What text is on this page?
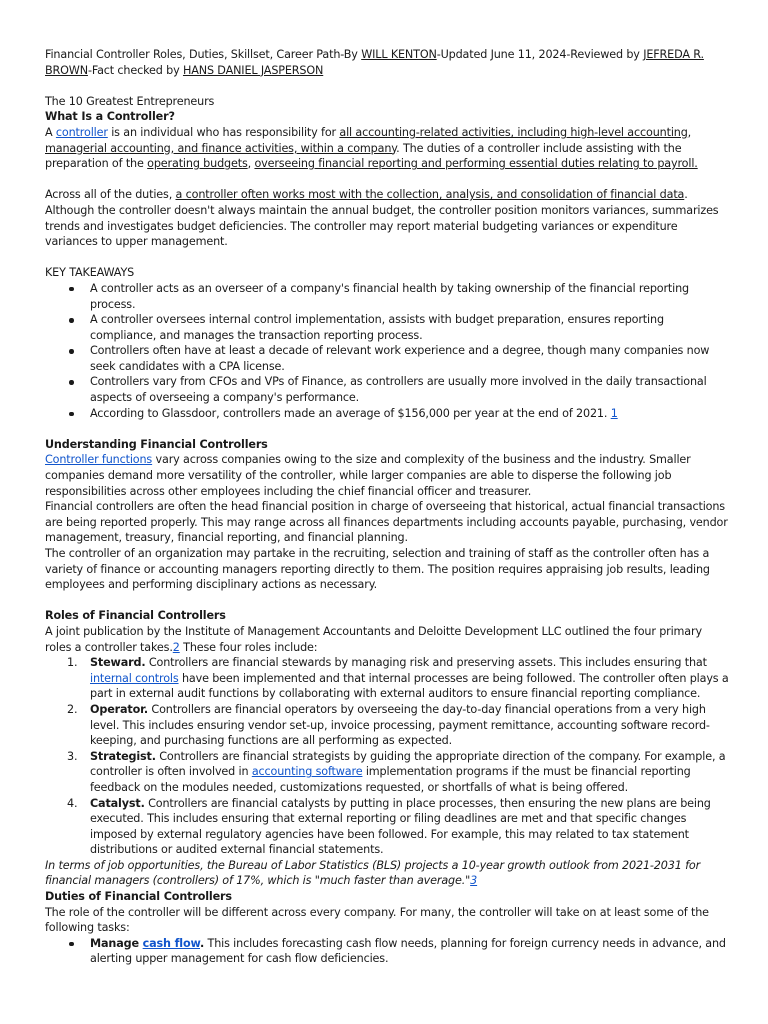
Financial Controller Roles, Duties, Skillset, Career Path-By WILL KENTON-Updated June 11, 2024-Reviewed by JEFREDA R. BROWN-Fact checked by HANS DANIEL JASPERSON

The 10 Greatest Entrepreneurs

What Is a Controller?

A controller is an individual who has responsibility for all accounting-related activities, including high-level accounting, managerial accounting, and finance activities, within a company. The duties of a controller include assisting with the preparation of the operating budgets, overseeing financial reporting and performing essential duties relating to payroll.

Across all of the duties, a controller often works most with the collection, analysis, and consolidation of financial data. Although the controller doesn't always maintain the annual budget, the controller position monitors variances, summarizes trends and investigates budget deficiencies. The controller may report material budgeting variances or expenditure variances to upper management.

KEY TAKEAWAYS

A controller acts as an overseer of a company's financial health by taking ownership of the financial reporting process.
A controller oversees internal control implementation, assists with budget preparation, ensures reporting compliance, and manages the transaction reporting process.
Controllers often have at least a decade of relevant work experience and a degree, though many companies now seek candidates with a CPA license.
Controllers vary from CFOs and VPs of Finance, as controllers are usually more involved in the daily transactional aspects of overseeing a company's performance.
According to Glassdoor, controllers made an average of $156,000 per year at the end of 2021. 1

Understanding Financial Controllers

Controller functions vary across companies owing to the size and complexity of the business and the industry. Smaller companies demand more versatility of the controller, while larger companies are able to disperse the following job responsibilities across other employees including the chief financial officer and treasurer.

Financial controllers are often the head financial position in charge of overseeing that historical, actual financial transactions are being reported properly. This may range across all finances departments including accounts payable, purchasing, vendor management, treasury, financial reporting, and financial planning.

The controller of an organization may partake in the recruiting, selection and training of staff as the controller often has a variety of finance or accounting managers reporting directly to them. The position requires appraising job results, leading employees and performing disciplinary actions as necessary.

Roles of Financial Controllers

A joint publication by the Institute of Management Accountants and Deloitte Development LLC outlined the four primary roles a controller takes.2 These four roles include:

1. Steward. Controllers are financial stewards by managing risk and preserving assets. This includes ensuring that internal controls have been implemented and that internal processes are being followed. The controller often plays a part in external audit functions by collaborating with external auditors to ensure financial reporting compliance.
2. Operator. Controllers are financial operators by overseeing the day-to-day financial operations from a very high level. This includes ensuring vendor set-up, invoice processing, payment remittance, accounting software record-keeping, and purchasing functions are all performing as expected.
3. Strategist. Controllers are financial strategists by guiding the appropriate direction of the company. For example, a controller is often involved in accounting software implementation programs if the must be financial reporting feedback on the modules needed, customizations requested, or shortfalls of what is being offered.
4. Catalyst. Controllers are financial catalysts by putting in place processes, then ensuring the new plans are being executed. This includes ensuring that external reporting or filing deadlines are met and that specific changes imposed by external regulatory agencies have been followed. For example, this may related to tax statement distributions or audited external financial statements.

In terms of job opportunities, the Bureau of Labor Statistics (BLS) projects a 10-year growth outlook from 2021-2031 for financial managers (controllers) of 17%, which is "much faster than average."3

Duties of Financial Controllers

The role of the controller will be different across every company. For many, the controller will take on at least some of the following tasks:

Manage cash flow. This includes forecasting cash flow needs, planning for foreign currency needs in advance, and alerting upper management for cash flow deficiencies.
